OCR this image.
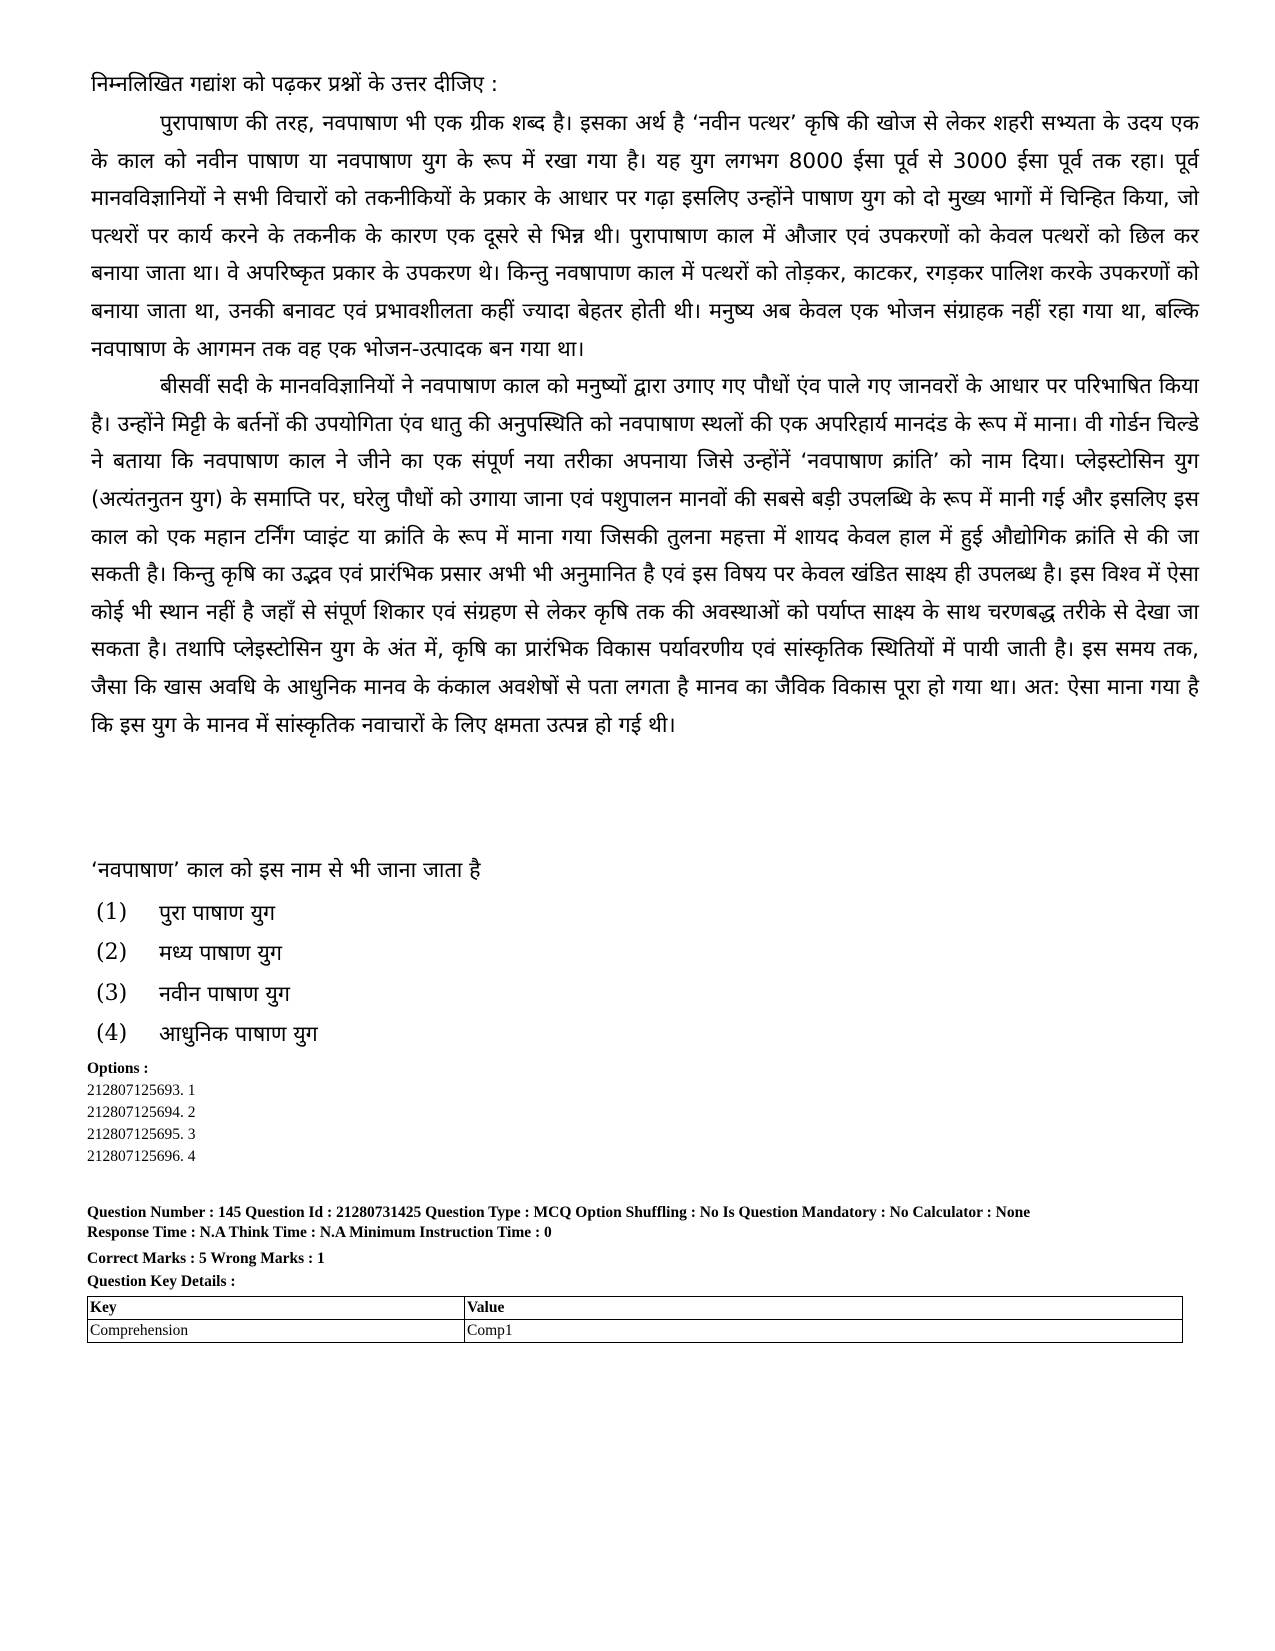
निम्नलिखित गद्यांश को पढ़कर प्रश्नों के उत्तर दीजिए :

पुरापाषाण की तरह, नवपाषाण भी एक ग्रीक शब्द है। इसका अर्थ है ‘नवीन पत्थर’ कृषि की खोज से लेकर शहरी सभ्यता के उदय एक के काल को नवीन पाषाण या नवपाषाण युग के रूप में रखा गया है। यह युग लगभग 8000 ईसा पूर्व से 3000 ईसा पूर्व तक रहा। पूर्व मानवविज्ञानियों ने सभी विचारों को तकनीकियों के प्रकार के आधार पर गढ़ा इसलिए उन्होंने पाषाण युग को दो मुख्य भागों में चिन्हित किया, जो पत्थरों पर कार्य करने के तकनीक के कारण एक दूसरे से भिन्न थी। पुरापाषाण काल में औजार एवं उपकरणों को केवल पत्थरों को छिल कर बनाया जाता था। वे अपरिष्कृत प्रकार के उपकरण थे। किन्तु नवषापाण काल में पत्थरों को तोड़कर, काटकर, रगड़कर पालिश करके उपकरणों को बनाया जाता था, उनकी बनावट एवं प्रभावशीलता कहीं ज्यादा बेहतर होती थी। मनुष्य अब केवल एक भोजन संग्राहक नहीं रहा गया था, बल्कि नवपाषाण के आगमन तक वह एक भोजन-उत्पादक बन गया था।

बीसवीं सदी के मानवविज्ञानियों ने नवपाषाण काल को मनुष्यों द्वारा उगाए गए पौधों एंव पाले गए जानवरों के आधार पर परिभाषित किया है। उन्होंने मिट्टी के बर्तनों की उपयोगिता एंव धातु की अनुपस्थिति को नवपाषाण स्थलों की एक अपरिहार्य मानदंड के रूप में माना। वी गोर्डन चिल्डे ने बताया कि नवपाषाण काल ने जीने का एक संपूर्ण नया तरीका अपनाया जिसे उन्होंनें ‘नवपाषाण क्रांति’ को नाम दिया। प्लेइस्टोसिन युग (अत्यंतनुतन युग) के समाप्ति पर, घरेलु पौधों को उगाया जाना एवं पशुपालन मानवों की सबसे बड़ी उपलब्धि के रूप में मानी गई और इसलिए इस काल को एक महान टर्निंग प्वाइंट या क्रांति के रूप में माना गया जिसकी तुलना महत्ता में शायद केवल हाल में हुई औद्योगिक क्रांति से की जा सकती है। किन्तु कृषि का उद्भव एवं प्रारंभिक प्रसार अभी भी अनुमानित है एवं इस विषय पर केवल खंडित साक्ष्य ही उपलब्ध है। इस विश्व में ऐसा कोई भी स्थान नहीं है जहाँ से संपूर्ण शिकार एवं संग्रहण से लेकर कृषि तक की अवस्थाओं को पर्याप्त साक्ष्य के साथ चरणबद्ध तरीके से देखा जा सकता है। तथापि प्लेइस्टोसिन युग के अंत में, कृषि का प्रारंभिक विकास पर्यावरणीय एवं सांस्कृतिक स्थितियों में पायी जाती है। इस समय तक, जैसा कि खास अवधि के आधुनिक मानव के कंकाल अवशेषों से पता लगता है मानव का जैविक विकास पूरा हो गया था। अत: ऐसा माना गया है कि इस युग के मानव में सांस्कृतिक नवाचारों के लिए क्षमता उत्पन्न हो गई थी।

‘नवपाषाण’ काल को इस नाम से भी जाना जाता है
(1)	पुरा पाषाण युग
(2)	मध्य पाषाण युग
(3)	नवीन पाषाण युग
(4)	आधुनिक पाषाण युग
Options :
212807125693. 1
212807125694. 2
212807125695. 3
212807125696. 4
Question Number : 145 Question Id : 21280731425 Question Type : MCQ Option Shuffling : No Is Question Mandatory : No Calculator : None
Response Time : N.A Think Time : N.A Minimum Instruction Time : 0
Correct Marks : 5 Wrong Marks : 1
Question Key Details :
Key	Value
Comprehension	Comp1
